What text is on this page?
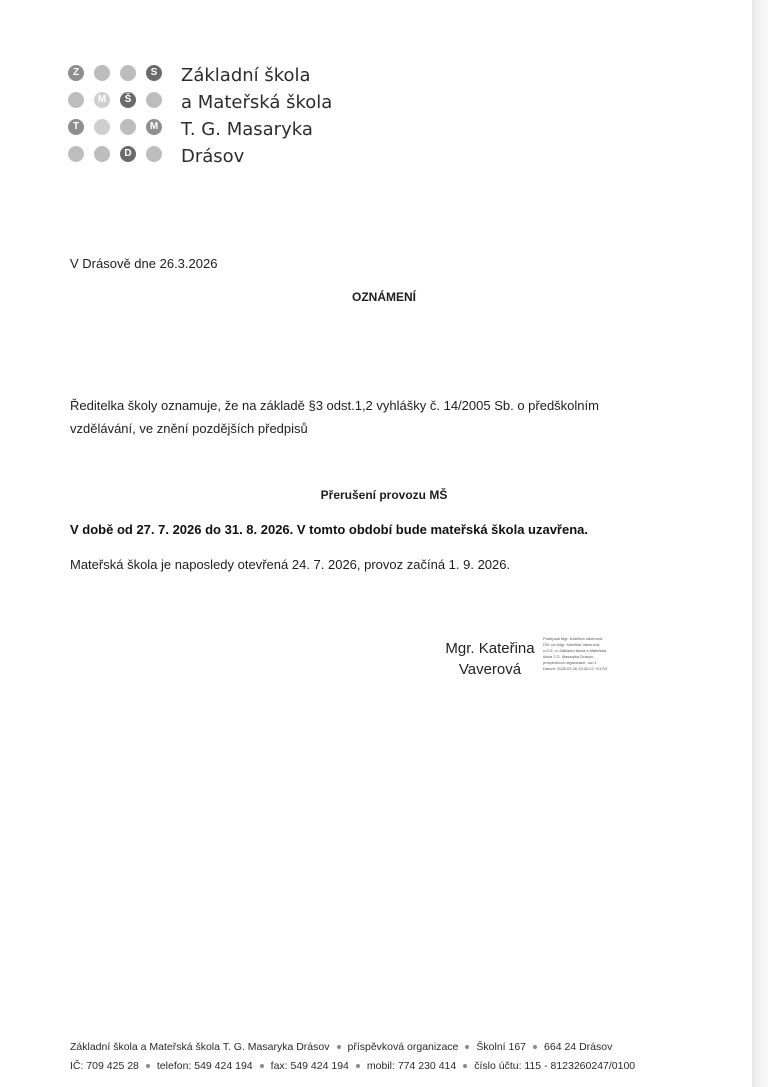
Z	S
M	Š
T	M
D
Základní škola
a Mateřská škola
T. G. Masaryka
Drásov
V Drásově dne 26.3.2026
OZNÁMENÍ
Ředitelka školy oznamuje, že na základě §3 odst.1,2 vyhlášky č. 14/2005 Sb. o předškolním
vzdělávání, ve znění pozdějších předpisů
Přerušení provozu MŠ
V době od 27. 7. 2026 do 31. 8. 2026. V tomto období bude mateřská škola uzavřena.
Mateřská škola je naposledy otevřená 24. 7. 2026, provoz začíná 1. 9. 2026.
Mgr. Kateřina
Vaverová
Podepsal Mgr. Kateřina Vaverová
DN: cn=Mgr. Kateřina Vaverová,
c=CZ, o=Základní škola a Mateřská
škola T.G. Masaryka Drásov,
příspěvková organizace, ou=1
Datum: 2026.03.26 13:00:22 +01'00'
Základní škola a Mateřská škola T. G. Masaryka Drásov příspěvková organizace Školní 167 664 24 Drásov
IČ: 709 425 28 telefon: 549 424 194 fax: 549 424 194 mobil: 774 230 414 číslo účtu: 115 - 8123260247/0100
